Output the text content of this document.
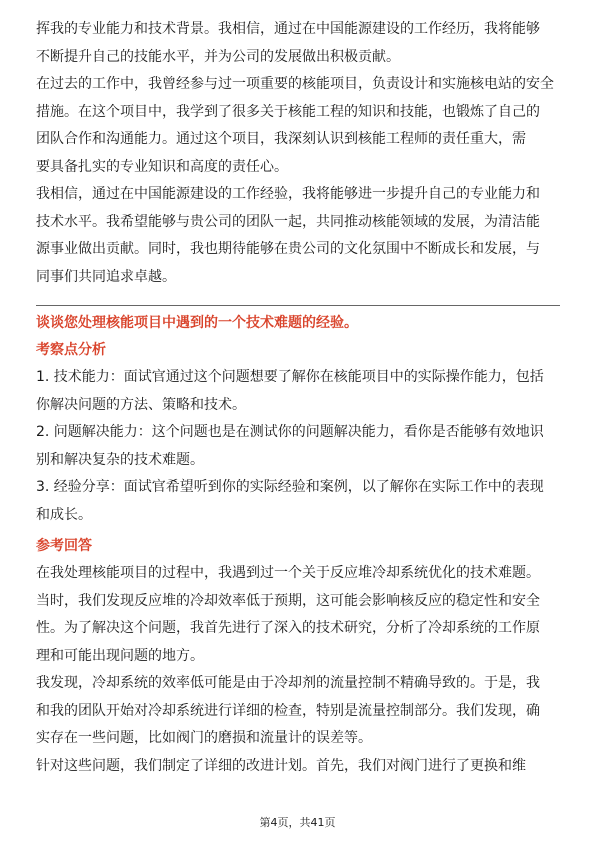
挥我的专业能力和技术背景。我相信，通过在中国能源建设的工作经历，我将能够
不断提升自己的技能水平，并为公司的发展做出积极贡献。
在过去的工作中，我曾经参与过一项重要的核能项目，负责设计和实施核电站的安全
措施。在这个项目中，我学到了很多关于核能工程的知识和技能，也锻炼了自己的
团队合作和沟通能力。通过这个项目，我深刻认识到核能工程师的责任重大，需
要具备扎实的专业知识和高度的责任心。
我相信，通过在中国能源建设的工作经验，我将能够进一步提升自己的专业能力和
技术水平。我希望能够与贵公司的团队一起，共同推动核能领域的发展，为清洁能
源事业做出贡献。同时，我也期待能够在贵公司的文化氛围中不断成长和发展，与
同事们共同追求卓越。
谈谈您处理核能项目中遇到的一个技术难题的经验。
考察点分析
1. 技术能力：面试官通过这个问题想要了解你在核能项目中的实际操作能力，包括
你解决问题的方法、策略和技术。
2. 问题解决能力：这个问题也是在测试你的问题解决能力，看你是否能够有效地识
别和解决复杂的技术难题。
3. 经验分享：面试官希望听到你的实际经验和案例，以了解你在实际工作中的表现
和成长。
参考回答
在我处理核能项目的过程中，我遇到过一个关于反应堆冷却系统优化的技术难题。
当时，我们发现反应堆的冷却效率低于预期，这可能会影响核反应的稳定性和安全
性。为了解决这个问题，我首先进行了深入的技术研究，分析了冷却系统的工作原
理和可能出现问题的地方。
我发现，冷却系统的效率低可能是由于冷却剂的流量控制不精确导致的。于是，我
和我的团队开始对冷却系统进行详细的检查，特别是流量控制部分。我们发现，确
实存在一些问题，比如阀门的磨损和流量计的误差等。
针对这些问题，我们制定了详细的改进计划。首先，我们对阀门进行了更换和维
第4页，共41页
